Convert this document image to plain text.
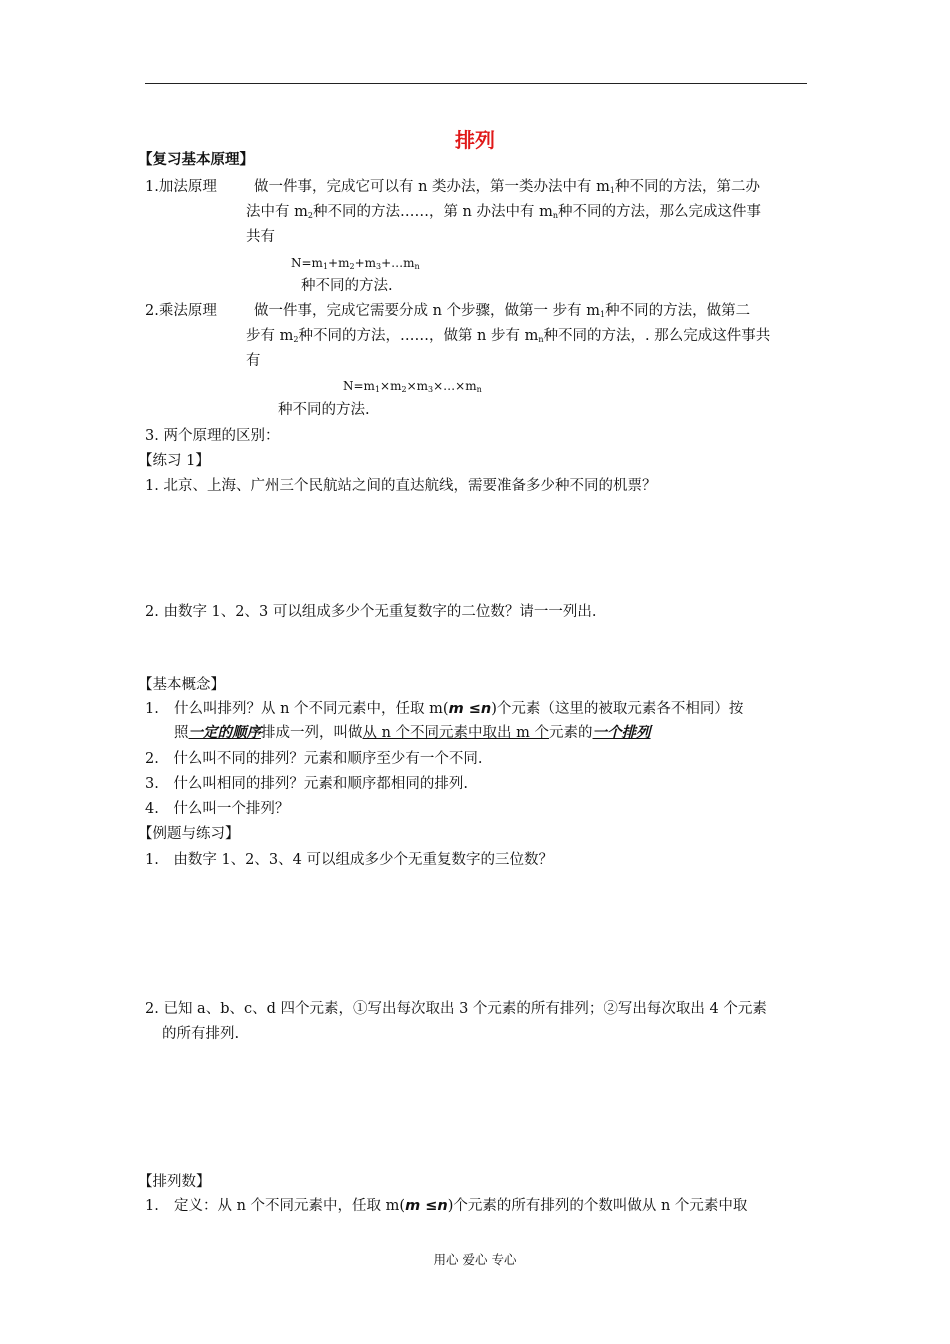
排列
【复习基本原理】
1.加法原理	做一件事，完成它可以有 n 类办法，第一类办法中有 $m_1$种不同的方法，第二办
法中有 $m_2$种不同的方法……，第 n 办法中有 $m_n$种不同的方法，那么完成这件事
共有
$N=m_1+m_2+m_3+\dots m_n$
种不同的方法.
2.乘法原理	做一件事，完成它需要分成 n 个步骤，做第一 步有 $m_1$种不同的方法，做第二
步有 $m_2$种不同的方法，……，做第 n 步有 $m_n$种不同的方法，. 那么完成这件事共
有
$N=m_1\times m_2\times m_3\times\dots\times m_n$
种不同的方法.
3. 两个原理的区别：
【练习 1】
1. 北京、上海、广州三个民航站之间的直达航线，需要准备多少种不同的机票？
2. 由数字 1、2、3 可以组成多少个无重复数字的二位数？请一一列出.
【基本概念】
1. 什么叫排列？从 n 个不同元素中，任取 m(m ≤n)个元素（这里的被取元素各不相同）按
照一定的顺序排成一列，叫做从 n 个不同元素中取出 m 个元素的一个排列
2.　什么叫不同的排列？元素和顺序至少有一个不同.
3.　什么叫相同的排列？元素和顺序都相同的排列.
4.　什么叫一个排列？
【例题与练习】
1.　由数字 1、2、3、4 可以组成多少个无重复数字的三位数？
2. 已知 a、b、c、d 四个元素，①写出每次取出 3 个元素的所有排列；②写出每次取出 4 个元素
的所有排列.
【排列数】
1. 定义：从 n 个不同元素中，任取 m(m ≤n)个元素的所有排列的个数叫做从 n 个元素中取
用心 爱心 专心
